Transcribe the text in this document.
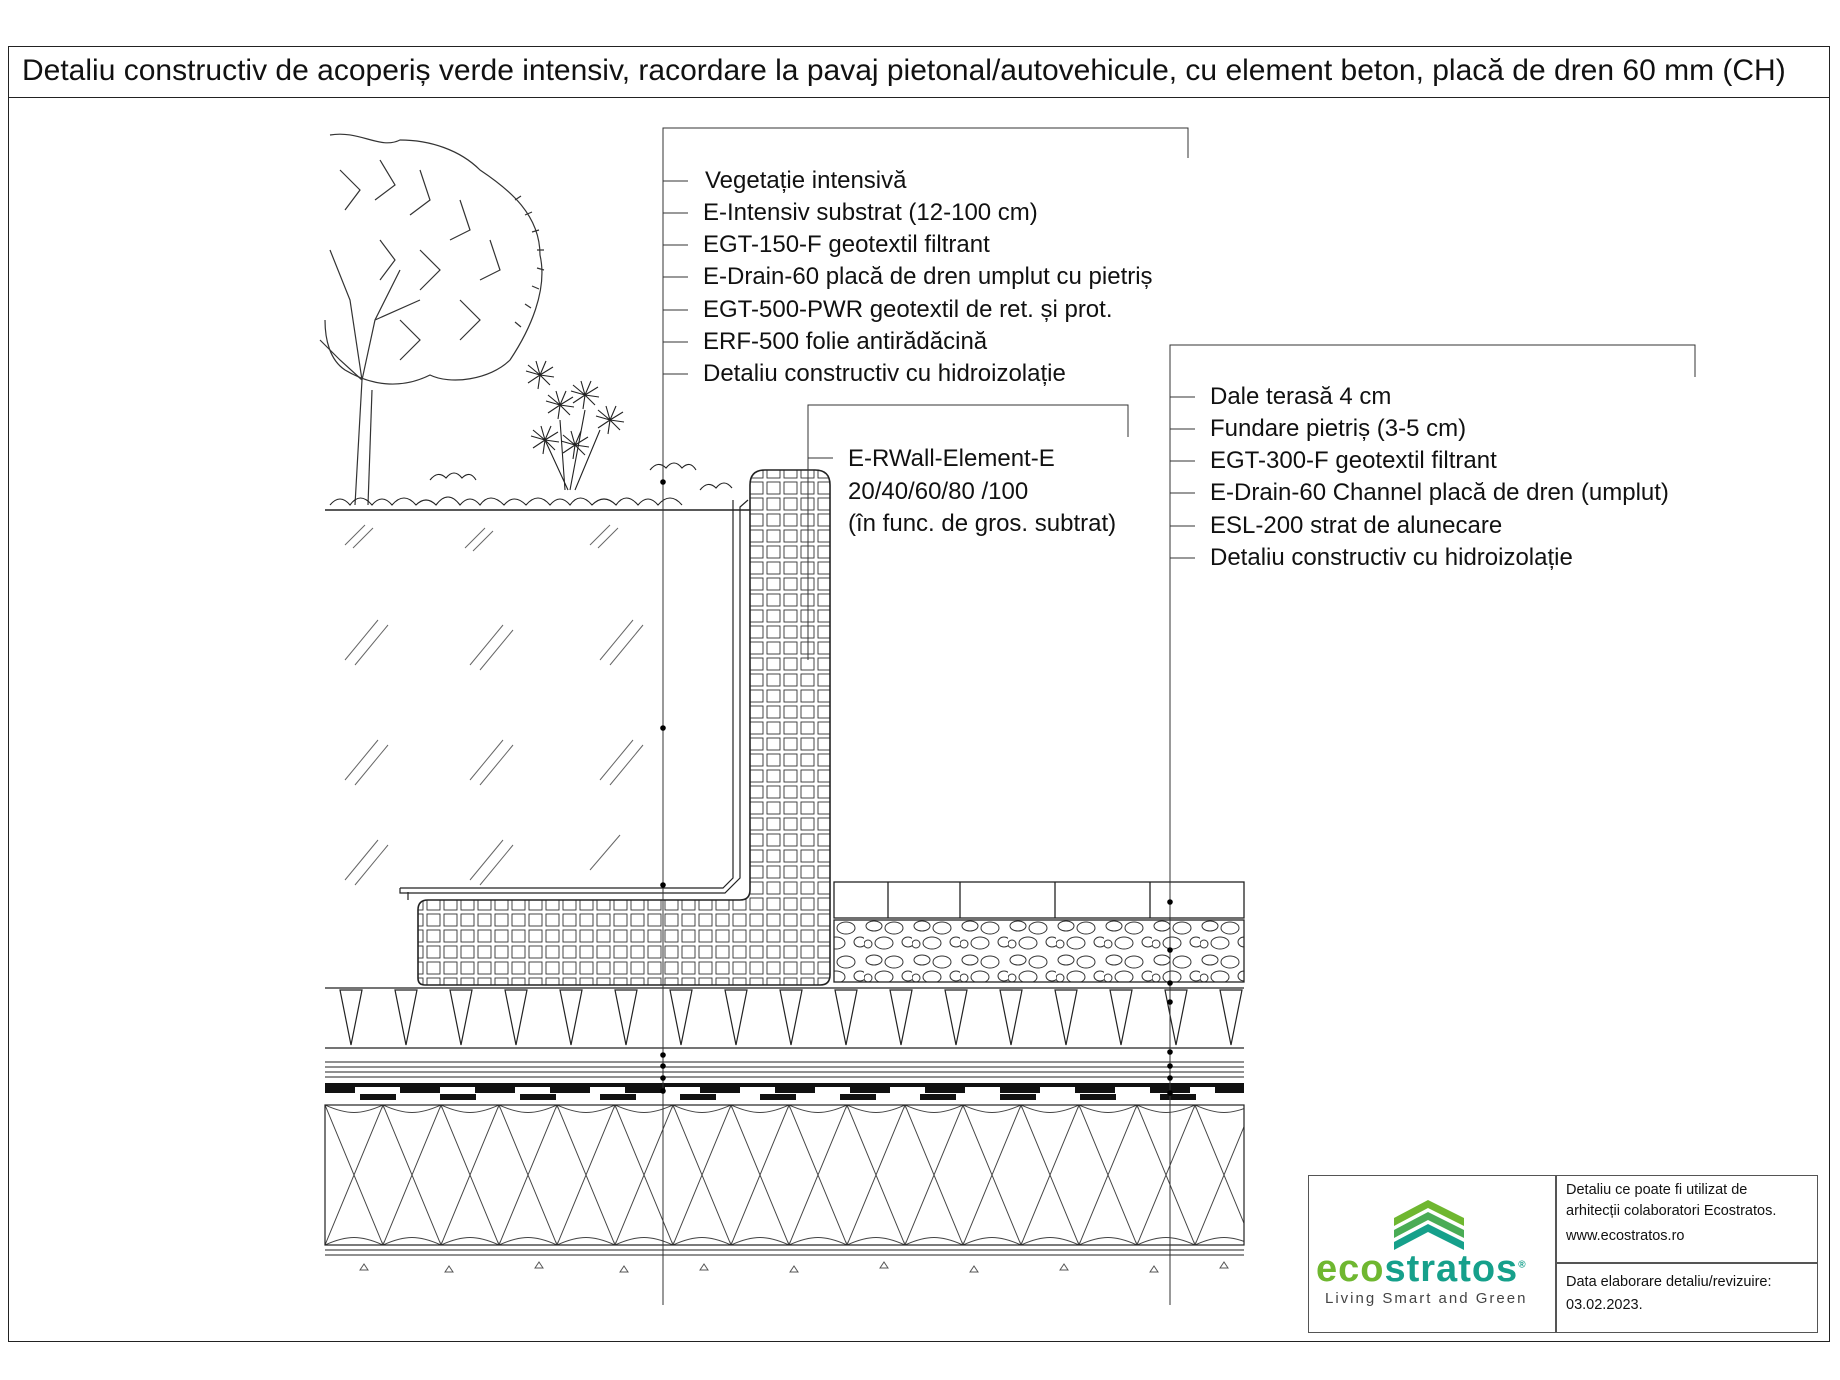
Detaliu constructiv de acoperiș verde intensiv, racordare la pavaj pietonal/autovehicule, cu element beton, placă de dren 60 mm (CH)
Vegetație intensivă
E-Intensiv substrat (12-100 cm)
EGT-150-F geotextil filtrant
E-Drain-60 placă de dren umplut cu pietriș
EGT-500-PWR geotextil de ret. și prot.
ERF-500 folie antirădăcină
Detaliu constructiv cu hidroizolație
E-RWall-Element-E
20/40/60/80 /100
(în func. de gros. subtrat)
Dale terasă 4 cm
Fundare pietriș (3-5 cm)
EGT-300-F geotextil filtrant
E-Drain-60 Channel placă de dren (umplut)
ESL-200 strat de alunecare
Detaliu constructiv cu hidroizolație
ecostratos®
Living Smart and Green
Detaliu ce poate fi utilizat de
arhitecții colaboratori Ecostratos.
www.ecostratos.ro
Data elaborare detaliu/revizuire:
03.02.2023.
